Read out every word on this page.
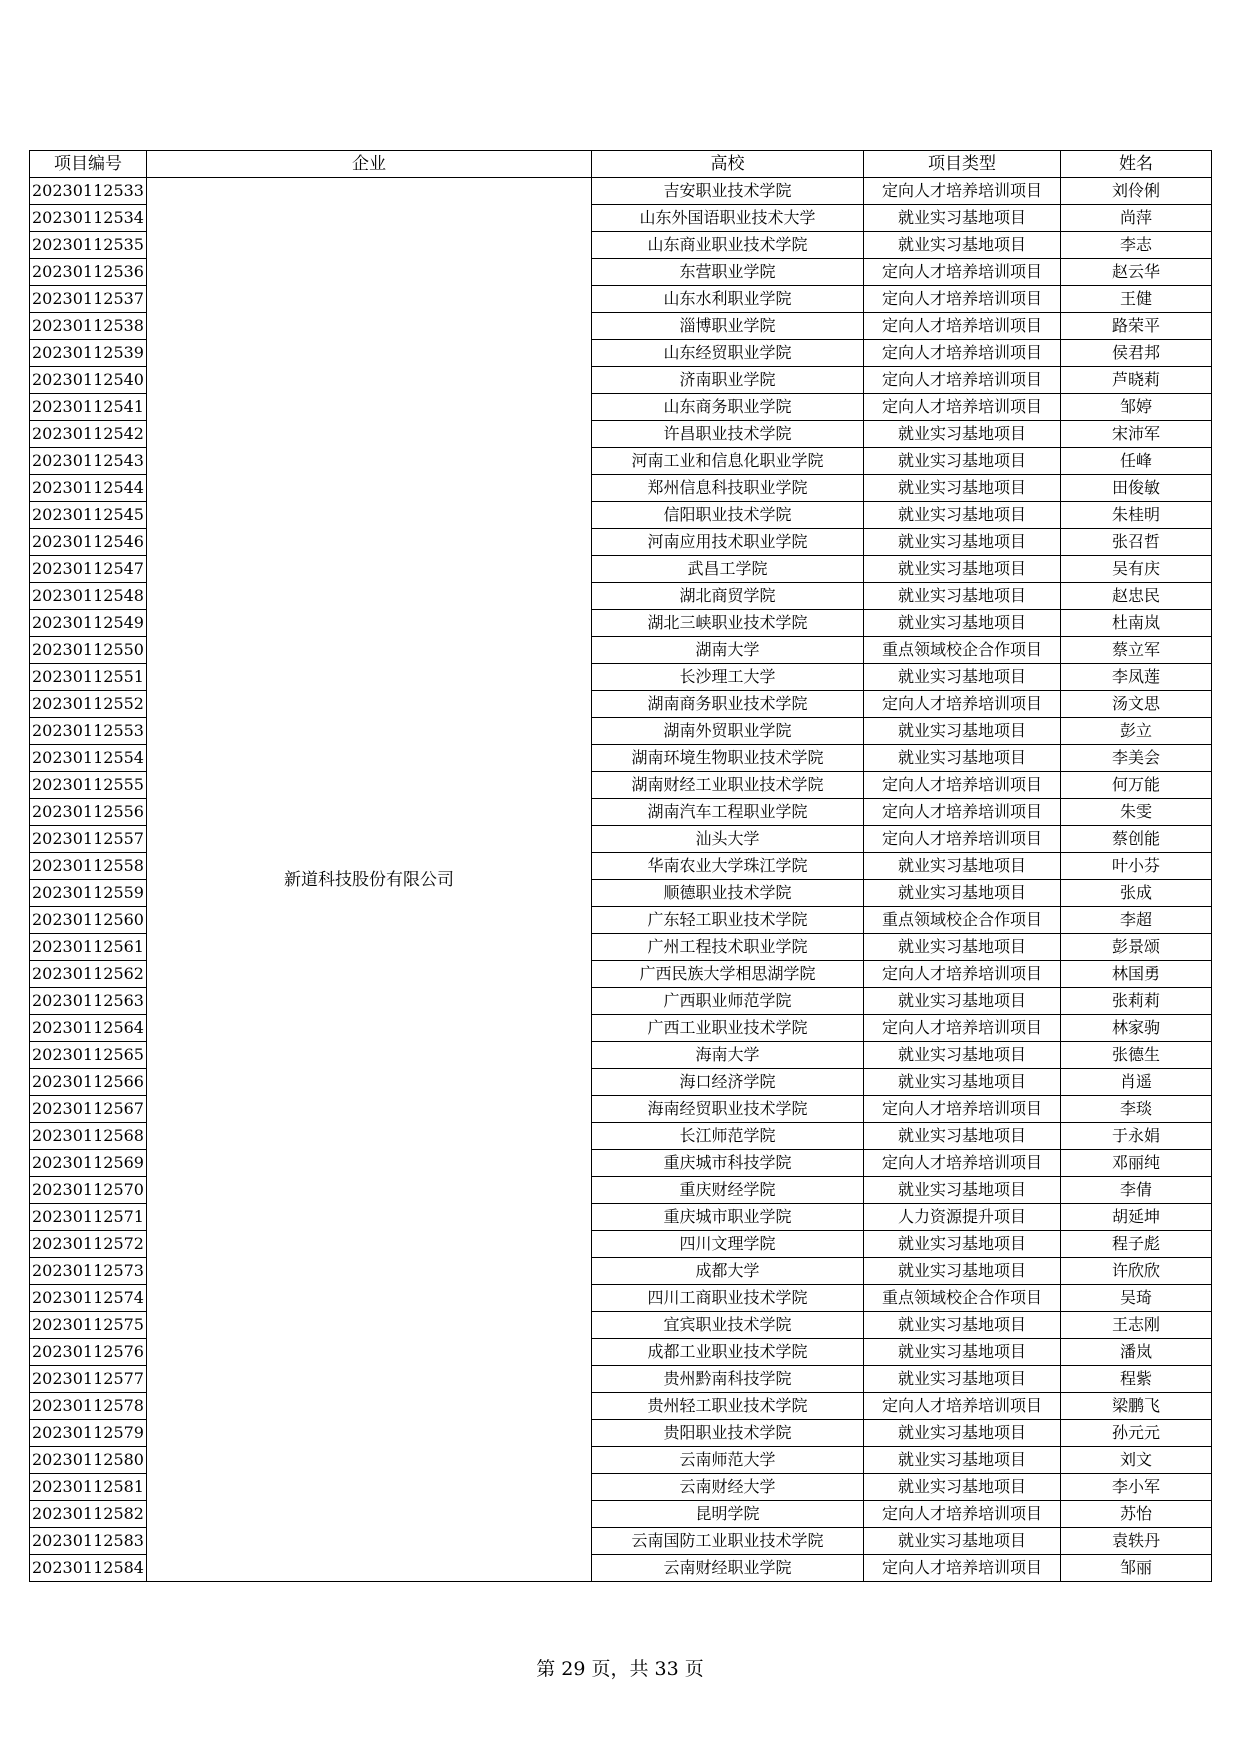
项目编号	企业	高校	项目类型	姓名
20230112533	新道科技股份有限公司	吉安职业技术学院	定向人才培养培训项目	刘伶俐
20230112534		山东外国语职业技术大学	就业实习基地项目	尚萍
20230112535		山东商业职业技术学院	就业实习基地项目	李志
20230112536		东营职业学院	定向人才培养培训项目	赵云华
20230112537		山东水利职业学院	定向人才培养培训项目	王健
20230112538		淄博职业学院	定向人才培养培训项目	路荣平
20230112539		山东经贸职业学院	定向人才培养培训项目	侯君邦
20230112540		济南职业学院	定向人才培养培训项目	芦晓莉
20230112541		山东商务职业学院	定向人才培养培训项目	邹婷
20230112542		许昌职业技术学院	就业实习基地项目	宋沛军
20230112543		河南工业和信息化职业学院	就业实习基地项目	任峰
20230112544		郑州信息科技职业学院	就业实习基地项目	田俊敏
20230112545		信阳职业技术学院	就业实习基地项目	朱桂明
20230112546		河南应用技术职业学院	就业实习基地项目	张召哲
20230112547		武昌工学院	就业实习基地项目	吴有庆
20230112548		湖北商贸学院	就业实习基地项目	赵忠民
20230112549		湖北三峡职业技术学院	就业实习基地项目	杜南岚
20230112550		湖南大学	重点领域校企合作项目	蔡立军
20230112551		长沙理工大学	就业实习基地项目	李凤莲
20230112552		湖南商务职业技术学院	定向人才培养培训项目	汤文思
20230112553		湖南外贸职业学院	就业实习基地项目	彭立
20230112554		湖南环境生物职业技术学院	就业实习基地项目	李美会
20230112555		湖南财经工业职业技术学院	定向人才培养培训项目	何万能
20230112556		湖南汽车工程职业学院	定向人才培养培训项目	朱雯
20230112557		汕头大学	定向人才培养培训项目	蔡创能
20230112558		华南农业大学珠江学院	就业实习基地项目	叶小芬
20230112559		顺德职业技术学院	就业实习基地项目	张成
20230112560		广东轻工职业技术学院	重点领域校企合作项目	李超
20230112561		广州工程技术职业学院	就业实习基地项目	彭景颂
20230112562		广西民族大学相思湖学院	定向人才培养培训项目	林国勇
20230112563		广西职业师范学院	就业实习基地项目	张莉莉
20230112564		广西工业职业技术学院	定向人才培养培训项目	林家驹
20230112565		海南大学	就业实习基地项目	张德生
20230112566		海口经济学院	就业实习基地项目	肖遥
20230112567		海南经贸职业技术学院	定向人才培养培训项目	李琰
20230112568		长江师范学院	就业实习基地项目	于永娟
20230112569		重庆城市科技学院	定向人才培养培训项目	邓丽纯
20230112570		重庆财经学院	就业实习基地项目	李倩
20230112571		重庆城市职业学院	人力资源提升项目	胡延坤
20230112572		四川文理学院	就业实习基地项目	程子彪
20230112573		成都大学	就业实习基地项目	许欣欣
20230112574		四川工商职业技术学院	重点领域校企合作项目	吴琦
20230112575		宜宾职业技术学院	就业实习基地项目	王志刚
20230112576		成都工业职业技术学院	就业实习基地项目	潘岚
20230112577		贵州黔南科技学院	就业实习基地项目	程紫
20230112578		贵州轻工职业技术学院	定向人才培养培训项目	梁鹏飞
20230112579		贵阳职业技术学院	就业实习基地项目	孙元元
20230112580		云南师范大学	就业实习基地项目	刘文
20230112581		云南财经大学	就业实习基地项目	李小军
20230112582		昆明学院	定向人才培养培训项目	苏怡
20230112583		云南国防工业职业技术学院	就业实习基地项目	袁轶丹
20230112584		云南财经职业学院	定向人才培养培训项目	邹丽
第 29 页，共 33 页
